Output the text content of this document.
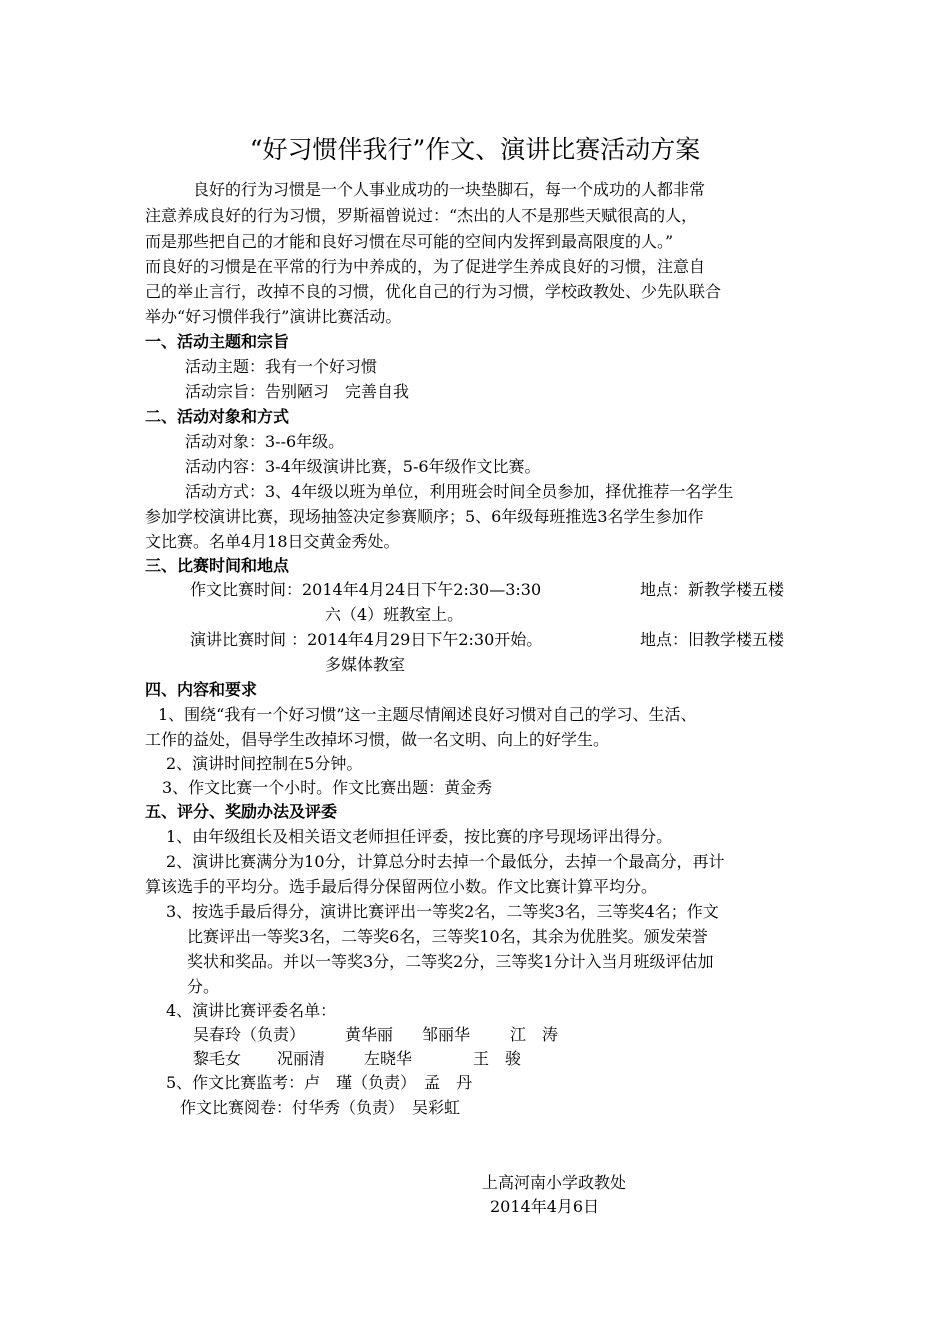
“好习惯伴我行”作文、演讲比赛活动方案
良好的行为习惯是一个人事业成功的一块垫脚石，每一个成功的人都非常
注意养成良好的行为习惯，罗斯福曾说过：“杰出的人不是那些天赋很高的人，
而是那些把自己的才能和良好习惯在尽可能的空间内发挥到最高限度的人。”
而良好的习惯是在平常的行为中养成的，为了促进学生养成良好的习惯，注意自
己的举止言行，改掉不良的习惯，优化自己的行为习惯，学校政教处、少先队联合
举办“好习惯伴我行”演讲比赛活动。
一、活动主题和宗旨
活动主题：我有一个好习惯
活动宗旨：告别陋习　完善自我
二、活动对象和方式
活动对象：3--6年级。
活动内容：3-4年级演讲比赛，5-6年级作文比赛。
活动方式：3、4年级以班为单位，利用班会时间全员参加，择优推荐一名学生
参加学校演讲比赛，现场抽签决定参赛顺序；5、6年级每班推选3名学生参加作
文比赛。名单4月18日交黄金秀处。
三、比赛时间和地点
作文比赛时间：2014年4月24日下午2:30—3:30	地点：新教学楼五楼
六（4）班教室上。
演讲比赛时间 ：2014年4月29日下午2:30开始。	地点：旧教学楼五楼
多媒体教室
四、内容和要求
1、围绕“我有一个好习惯”这一主题尽情阐述良好习惯对自己的学习、生活、
工作的益处，倡导学生改掉坏习惯，做一名文明、向上的好学生。
2、演讲时间控制在5分钟。
3、作文比赛一个小时。作文比赛出题：黄金秀
五、评分、奖励办法及评委
1、由年级组长及相关语文老师担任评委，按比赛的序号现场评出得分。
2、演讲比赛满分为10分，计算总分时去掉一个最低分，去掉一个最高分，再计
算该选手的平均分。选手最后得分保留两位小数。作文比赛计算平均分。
3、按选手最后得分，演讲比赛评出一等奖2名，二等奖3名，三等奖4名；作文
比赛评出一等奖3名，二等奖6名，三等奖10名，其余为优胜奖。颁发荣誉
奖状和奖品。并以一等奖3分，二等奖2分，三等奖1分计入当月班级评估加
分。
4、演讲比赛评委名单：
吴春玲（负责） 黄华丽 邹丽华 江　涛
黎毛女 况丽清 左晓华	王　骏
5、作文比赛监考：卢　瑾（负责）　孟　丹
作文比赛阅卷：付华秀（负责）　吴彩虹
上高河南小学政教处
2014年4月6日
